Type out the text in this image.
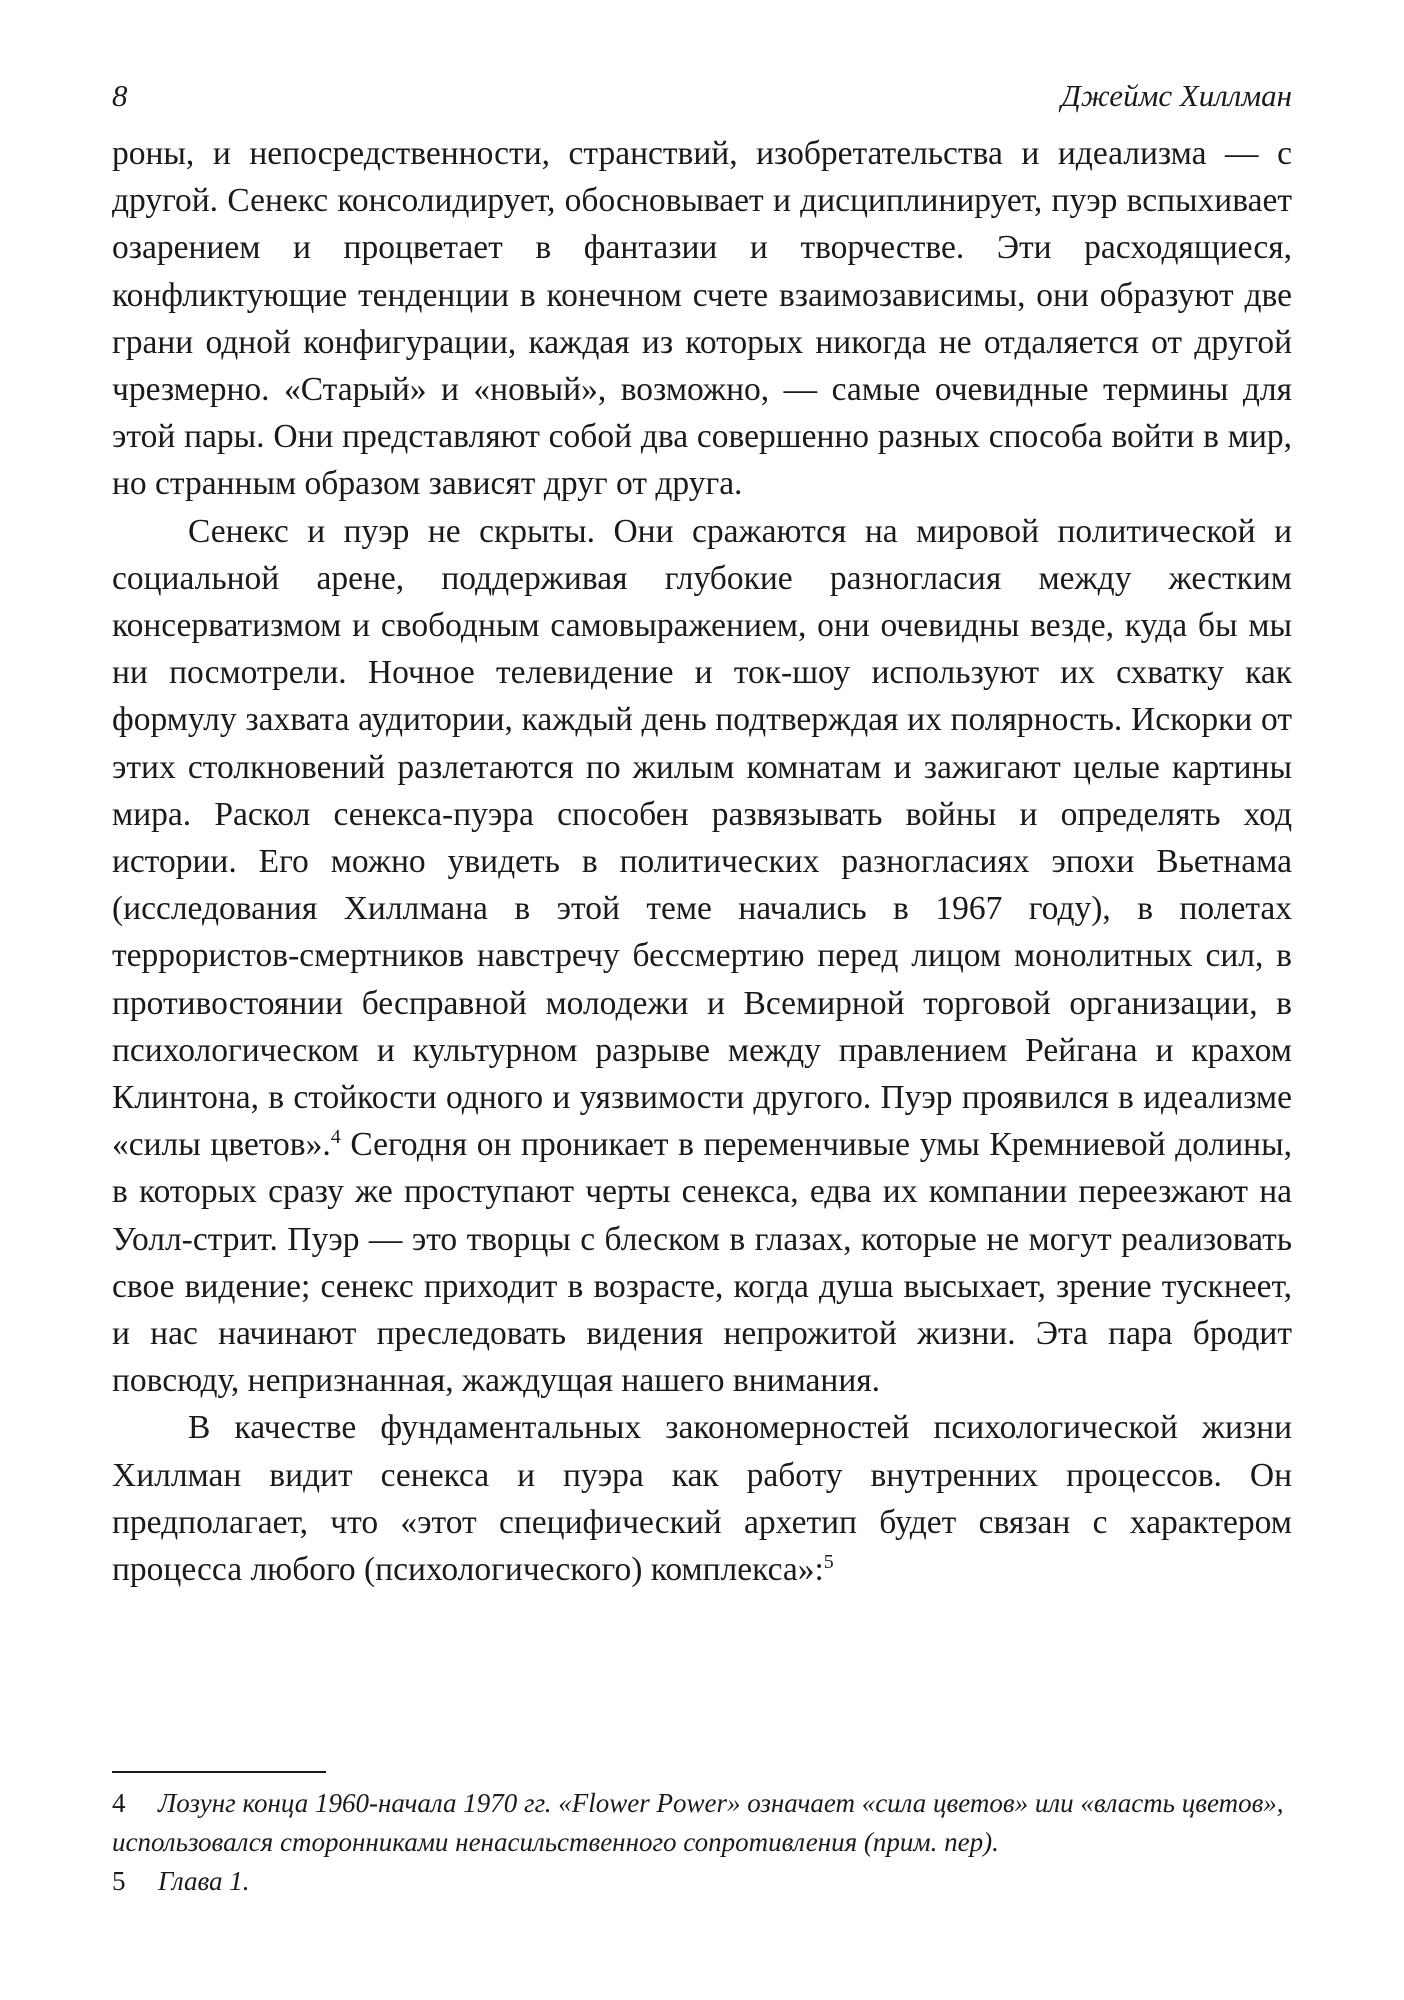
8	Джеймс Хиллман

роны, и непосредственности, странствий, изобретательства и идеализма — с другой. Сенекс консолидирует, обосновывает и дисциплинирует, пуэр вспыхивает озарением и процветает в фантазии и творчестве. Эти расходящиеся, конфликтующие тенденции в конечном счете взаимозависимы, они образуют две грани одной конфигурации, каждая из которых никогда не отдаляется от другой чрезмерно. «Старый» и «новый», возможно, — самые очевидные термины для этой пары. Они представляют собой два совершенно разных способа войти в мир, но странным образом зависят друг от друга.

Сенекс и пуэр не скрыты. Они сражаются на мировой политической и социальной арене, поддерживая глубокие разногласия между жестким консерватизмом и свободным самовыражением, они очевидны везде, куда бы мы ни посмотрели. Ночное телевидение и ток-шоу используют их схватку как формулу захвата аудитории, каждый день подтверждая их полярность. Искорки от этих столкновений разлетаются по жилым комнатам и зажигают целые картины мира. Раскол сенекса-пуэра способен развязывать войны и определять ход истории. Его можно увидеть в политических разногласиях эпохи Вьетнама (исследования Хиллмана в этой теме начались в 1967 году), в полетах террористов-смертников навстречу бессмертию перед лицом монолитных сил, в противостоянии бесправной молодежи и Всемирной торговой организации, в психологическом и культурном разрыве между правлением Рейгана и крахом Клинтона, в стойкости одного и уязвимости другого. Пуэр проявился в идеализме «силы цветов».$^4$ Сегодня он проникает в переменчивые умы Кремниевой долины, в которых сразу же проступают черты сенекса, едва их компании переезжают на Уолл-стрит. Пуэр — это творцы с блеском в глазах, которые не могут реализовать свое видение; сенекс приходит в возрасте, когда душа высыхает, зрение тускнеет, и нас начинают преследовать видения непрожитой жизни. Эта пара бродит повсюду, непризнанная, жаждущая нашего внимания.

В качестве фундаментальных закономерностей психологической жизни Хиллман видит сенекса и пуэра как работу внутренних процессов. Он предполагает, что «этот специфический архетип будет связан с характером процесса любого (психологического) комплекса»:$^5$

4 Лозунг конца 1960-начала 1970 гг. «Flower Power» означает «сила цветов» или «власть цветов», использовался сторонниками ненасильственного сопротивления (прим. пер).

5 Глава 1.
